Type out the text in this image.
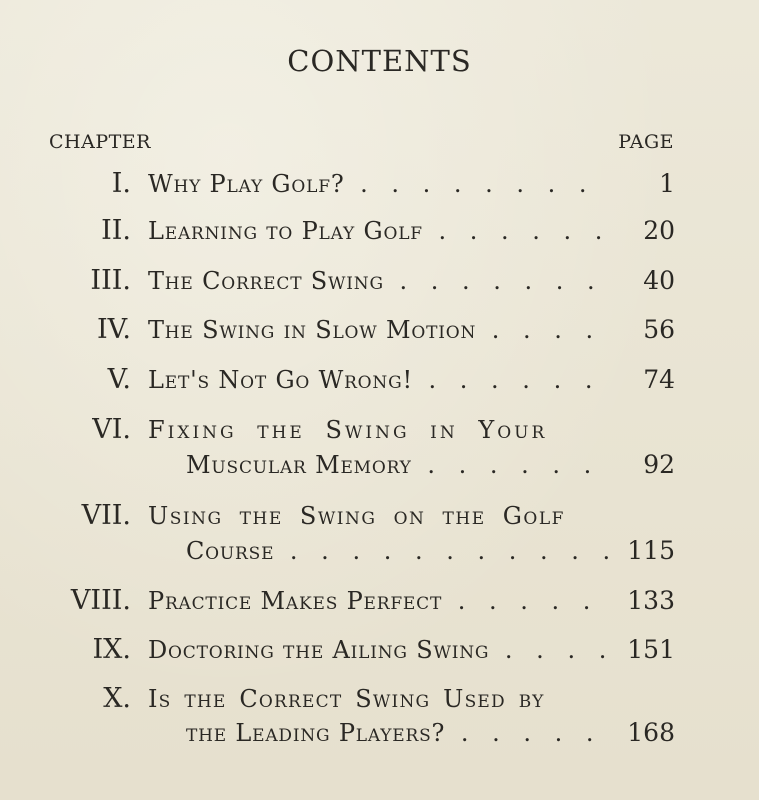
CONTENTS
CHAPTER	PAGE
I. Why Play Golf? . . .	1
II. Learning to Play Golf . . .	20
III. The Correct Swing . . .	40
IV. The Swing in Slow Motion . . .	56
V. Let's Not Go Wrong! . . .	74
VI. Fixing the Swing in Your
Muscular Memory . . .	92
VII. Using the Swing on the Golf
Course . . .	115
VIII. Practice Makes Perfect . . .	133
IX. Doctoring the Ailing Swing . . .	151
X. Is the Correct Swing Used by
the Leading Players? . . .	168
